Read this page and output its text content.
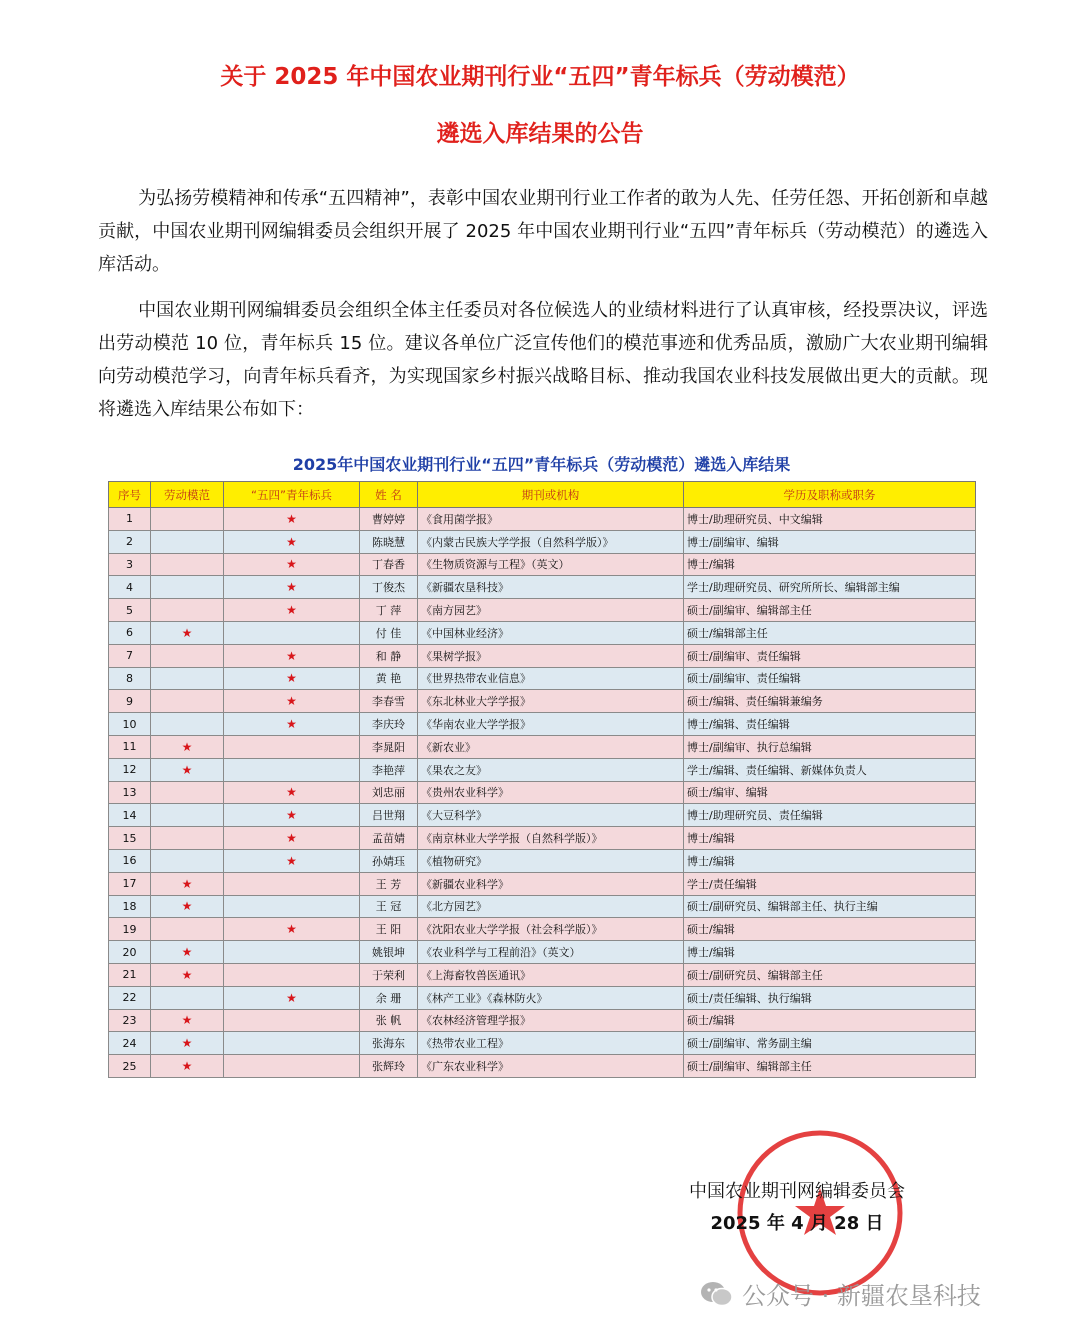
关于 2025 年中国农业期刊行业“五四”青年标兵（劳动模范）
遴选入库结果的公告
为弘扬劳模精神和传承“五四精神”，表彰中国农业期刊行业工作者的敢为人先、任劳任怨、开拓创新和卓越贡献，中国农业期刊网编辑委员会组织开展了 2025 年中国农业期刊行业“五四”青年标兵（劳动模范）的遴选入库活动。
中国农业期刊网编辑委员会组织全体主任委员对各位候选人的业绩材料进行了认真审核，经投票决议，评选出劳动模范 10 位，青年标兵 15 位。建议各单位广泛宣传他们的模范事迹和优秀品质，激励广大农业期刊编辑向劳动模范学习，向青年标兵看齐，为实现国家乡村振兴战略目标、推动我国农业科技发展做出更大的贡献。现将遴选入库结果公布如下：
2025年中国农业期刊行业“五四”青年标兵（劳动模范）遴选入库结果
序号	劳动模范	“五四”青年标兵	姓 名	期刊或机构	学历及职称或职务
1		★	曹婷婷	《食用菌学报》	博士/助理研究员、中文编辑
2		★	陈晓慧	《内蒙古民族大学学报（自然科学版）》	博士/副编审、编辑
3		★	丁春香	《生物质资源与工程》（英文）	博士/编辑
4		★	丁俊杰	《新疆农垦科技》	学士/助理研究员、研究所所长、编辑部主编
5		★	丁 萍	《南方园艺》	硕士/副编审、编辑部主任
6	★		付 佳	《中国林业经济》	硕士/编辑部主任
7		★	和 静	《果树学报》	硕士/副编审、责任编辑
8		★	黄 艳	《世界热带农业信息》	硕士/副编审、责任编辑
9		★	李春雪	《东北林业大学学报》	硕士/编辑、责任编辑兼编务
10		★	李庆玲	《华南农业大学学报》	博士/编辑、责任编辑
11	★		李晁阳	《新农业》	博士/副编审、执行总编辑
12	★		李艳萍	《果农之友》	学士/编辑、责任编辑、新媒体负责人
13		★	刘忠丽	《贵州农业科学》	硕士/编审、编辑
14		★	吕世翔	《大豆科学》	博士/助理研究员、责任编辑
15		★	孟苗婧	《南京林业大学学报（自然科学版）》	博士/编辑
16		★	孙婧珏	《植物研究》	博士/编辑
17	★		王 芳	《新疆农业科学》	学士/责任编辑
18	★		王 冠	《北方园艺》	硕士/副研究员、编辑部主任、执行主编
19		★	王 阳	《沈阳农业大学学报（社会科学版）》	硕士/编辑
20	★		姚银坤	《农业科学与工程前沿》（英文）	博士/编辑
21	★		于荣利	《上海畜牧兽医通讯》	硕士/副研究员、编辑部主任
22		★	余 珊	《林产工业》《森林防火》	硕士/责任编辑、执行编辑
23	★		张 帆	《农林经济管理学报》	硕士/编辑
24	★		张海东	《热带农业工程》	硕士/副编审、常务副主编
25	★		张辉玲	《广东农业科学》	硕士/副编审、编辑部主任
中国农业期刊网编辑委员会
2025 年 4 月 28 日
公众号 · 新疆农垦科技
